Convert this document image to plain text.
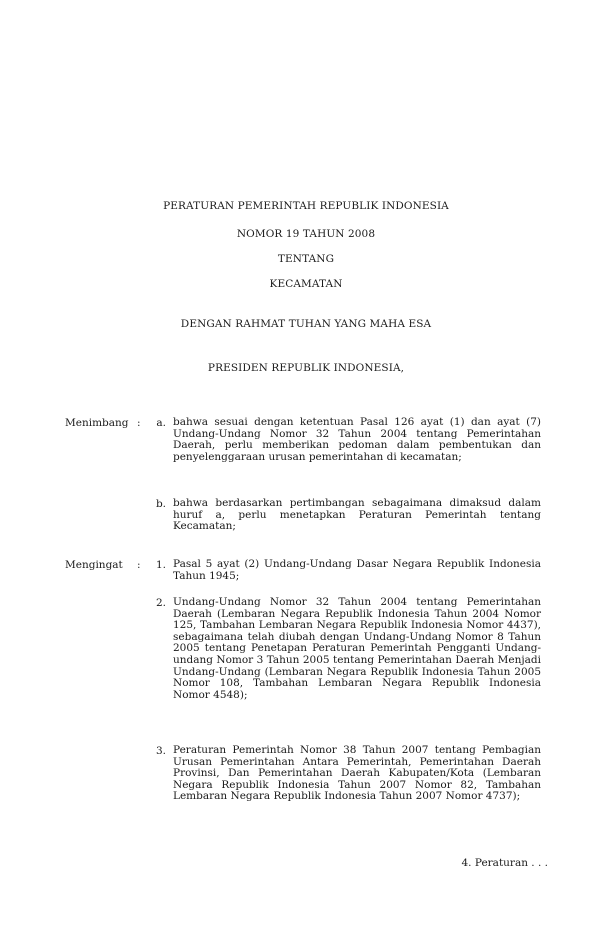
PERATURAN PEMERINTAH REPUBLIK INDONESIA
NOMOR 19 TAHUN 2008
TENTANG
KECAMATAN
DENGAN RAHMAT TUHAN YANG MAHA ESA
PRESIDEN REPUBLIK INDONESIA,
Menimbang :	a. bahwa sesuai dengan ketentuan Pasal 126 ayat (1) dan ayat (7) Undang-Undang Nomor 32 Tahun 2004 tentang Pemerintahan Daerah, perlu memberikan pedoman dalam pembentukan dan penyelenggaraan urusan pemerintahan di kecamatan;
b. bahwa berdasarkan pertimbangan sebagaimana dimaksud dalam huruf a, perlu menetapkan Peraturan Pemerintah tentang Kecamatan;
Mengingat :	1. Pasal 5 ayat (2) Undang-Undang Dasar Negara Republik Indonesia Tahun 1945;
2. Undang-Undang Nomor 32 Tahun 2004 tentang Pemerintahan Daerah (Lembaran Negara Republik Indonesia Tahun 2004 Nomor 125, Tambahan Lembaran Negara Republik Indonesia Nomor 4437), sebagaimana telah diubah dengan Undang-Undang Nomor 8 Tahun 2005 tentang Penetapan Peraturan Pemerintah Pengganti Undang-undang Nomor 3 Tahun 2005 tentang Pemerintahan Daerah Menjadi Undang-Undang (Lembaran Negara Republik Indonesia Tahun 2005 Nomor 108, Tambahan Lembaran Negara Republik Indonesia Nomor 4548);
3. Peraturan Pemerintah Nomor 38 Tahun 2007 tentang Pembagian Urusan Pemerintahan Antara Pemerintah, Pemerintahan Daerah Provinsi, Dan Pemerintahan Daerah Kabupaten/Kota (Lembaran Negara Republik Indonesia Tahun 2007 Nomor 82, Tambahan Lembaran Negara Republik Indonesia Tahun 2007 Nomor 4737);
4. Peraturan . . .
